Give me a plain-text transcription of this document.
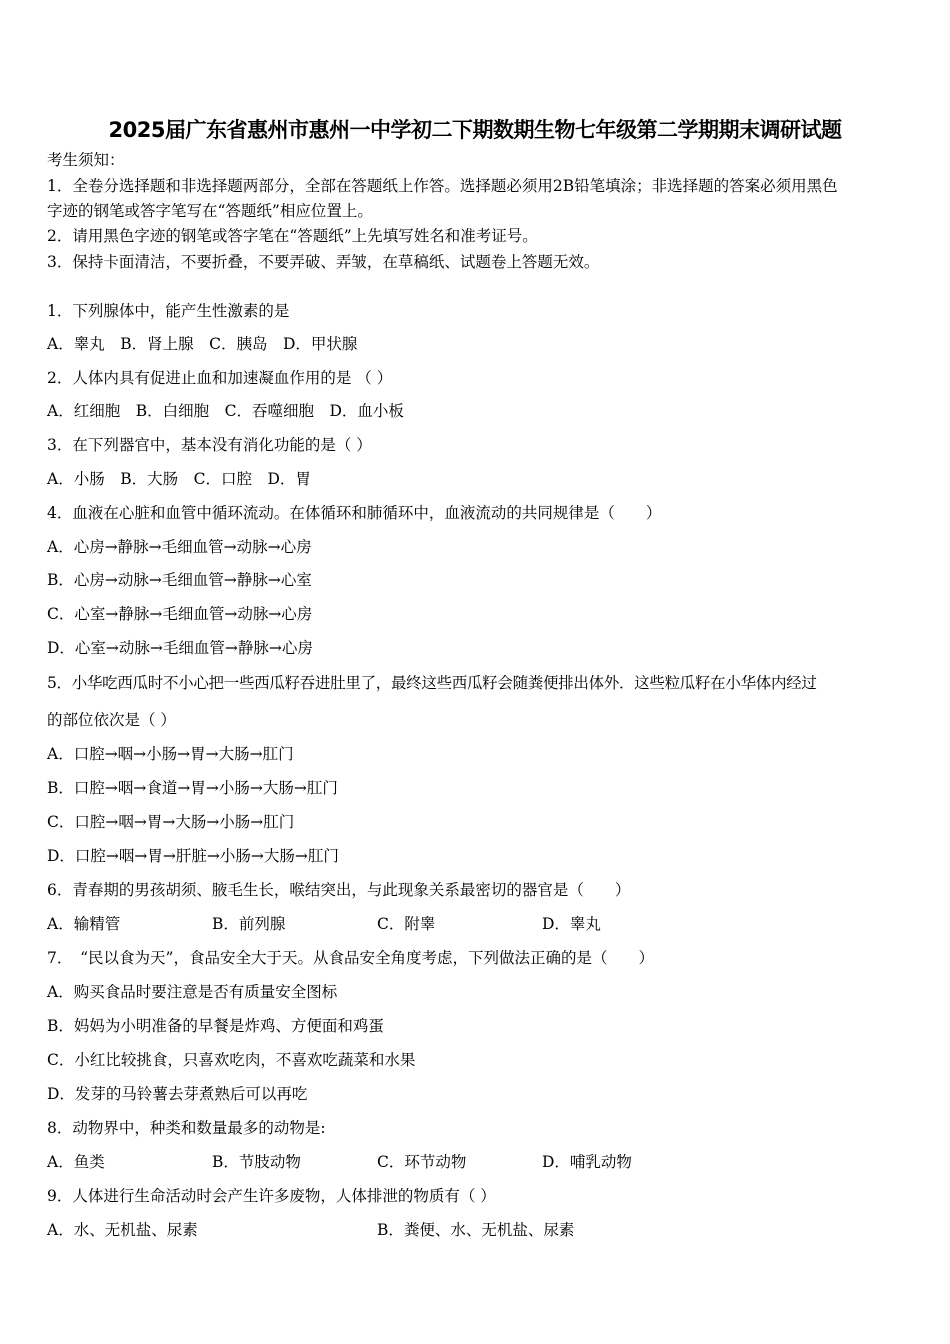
2025届广东省惠州市惠州一中学初二下期数期生物七年级第二学期期末调研试题
考生须知：
1．全卷分选择题和非选择题两部分，全部在答题纸上作答。选择题必须用2B铅笔填涂；非选择题的答案必须用黑色
字迹的钢笔或答字笔写在“答题纸”相应位置上。
2．请用黑色字迹的钢笔或答字笔在“答题纸”上先填写姓名和准考证号。
3．保持卡面清洁，不要折叠，不要弄破、弄皱，在草稿纸、试题卷上答题无效。
1．下列腺体中，能产生性激素的是
A．睾丸　B．肾上腺　C．胰岛　D．甲状腺
2．人体内具有促进止血和加速凝血作用的是 （ ）
A．红细胞　B．白细胞　C．吞噬细胞　D．血小板
3．在下列器官中，基本没有消化功能的是（ ）
A．小肠　B．大肠　C．口腔　D．胃
4．血液在心脏和血管中循环流动。在体循环和肺循环中，血液流动的共同规律是（　　）
A．心房→静脉→毛细血管→动脉→心房
B．心房→动脉→毛细血管→静脉→心室
C．心室→静脉→毛细血管→动脉→心房
D．心室→动脉→毛细血管→静脉→心房
5．小华吃西瓜时不小心把一些西瓜籽吞进肚里了，最终这些西瓜籽会随粪便排出体外．这些粒瓜籽在小华体内经过
的部位依次是（ ）
A．口腔→咽→小肠→胃→大肠→肛门
B．口腔→咽→食道→胃→小肠→大肠→肛门
C．口腔→咽→胃→大肠→小肠→肛门
D．口腔→咽→胃→肝脏→小肠→大肠→肛门
6．青春期的男孩胡须、腋毛生长，喉结突出，与此现象关系最密切的器官是（　　）
A．输精管	B．前列腺	C．附睾	D．睾丸
7．　“民以食为天”，食品安全大于天。从食品安全角度考虑，下列做法正确的是（　　）
A．购买食品时要注意是否有质量安全图标
B．妈妈为小明准备的早餐是炸鸡、方便面和鸡蛋
C．小红比较挑食，只喜欢吃肉，不喜欢吃蔬菜和水果
D．发芽的马铃薯去芽煮熟后可以再吃
8．动物界中，种类和数量最多的动物是:
A．鱼类	B．节肢动物	C．环节动物	D．哺乳动物
9．人体进行生命活动时会产生许多废物，人体排泄的物质有（ ）
A．水、无机盐、尿素	B．粪便、水、无机盐、尿素
